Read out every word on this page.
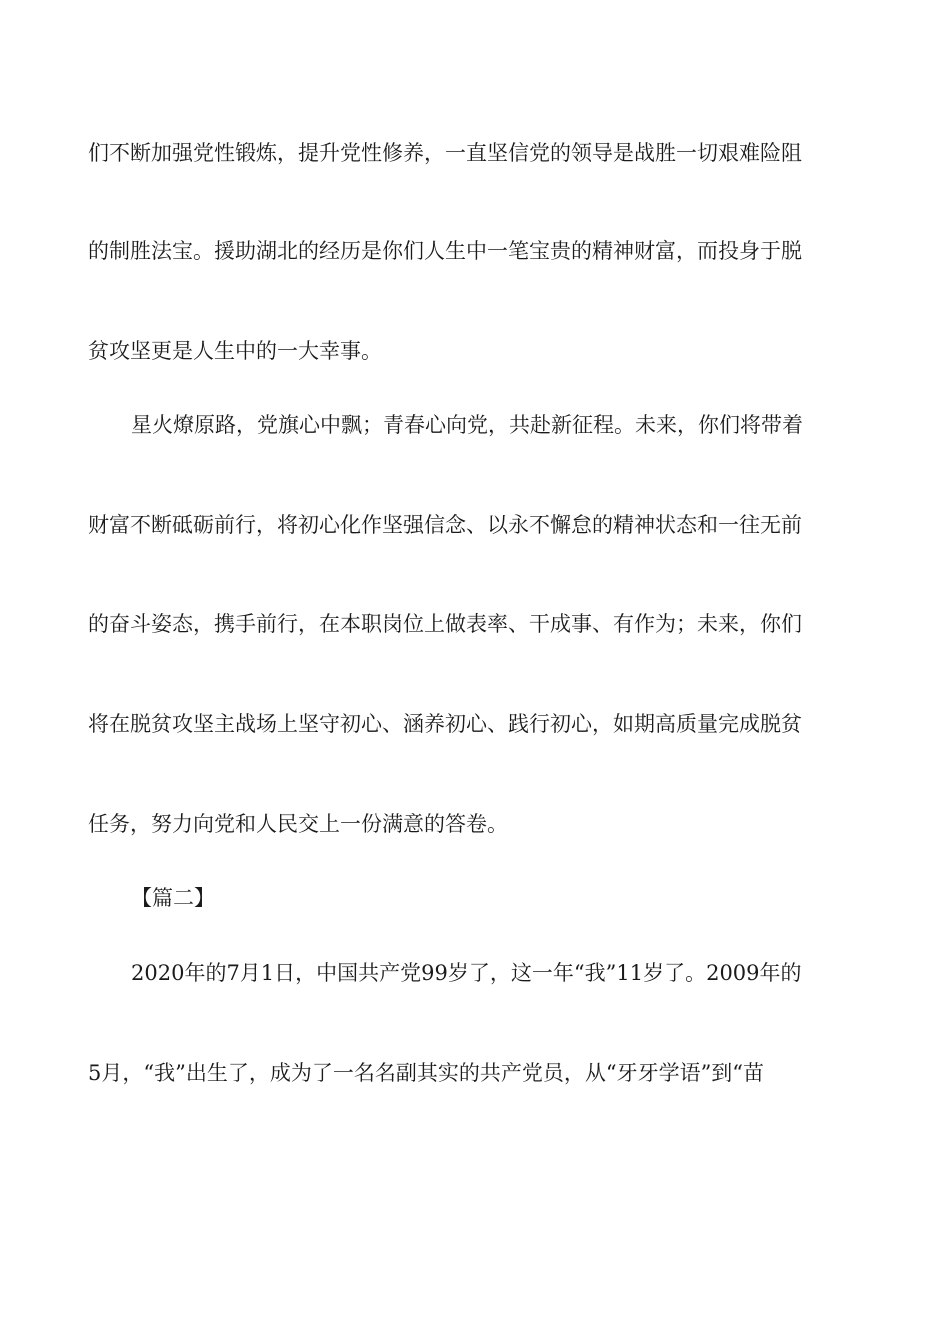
们不断加强党性锻炼，提升党性修养，一直坚信党的领导是战胜一切艰难险阻
的制胜法宝。援助湖北的经历是你们人生中一笔宝贵的精神财富，而投身于脱
贫攻坚更是人生中的一大幸事。
星火燎原路，党旗心中飘；青春心向党，共赴新征程。未来，你们将带着
财富不断砥砺前行，将初心化作坚强信念、以永不懈怠的精神状态和一往无前
的奋斗姿态，携手前行，在本职岗位上做表率、干成事、有作为；未来，你们
将在脱贫攻坚主战场上坚守初心、涵养初心、践行初心，如期高质量完成脱贫
任务，努力向党和人民交上一份满意的答卷。
【篇二】
2020年的7月1日，中国共产党99岁了，这一年“我”11岁了。2009年的
5月，“我”出生了，成为了一名名副其实的共产党员，从“牙牙学语”到“苗
